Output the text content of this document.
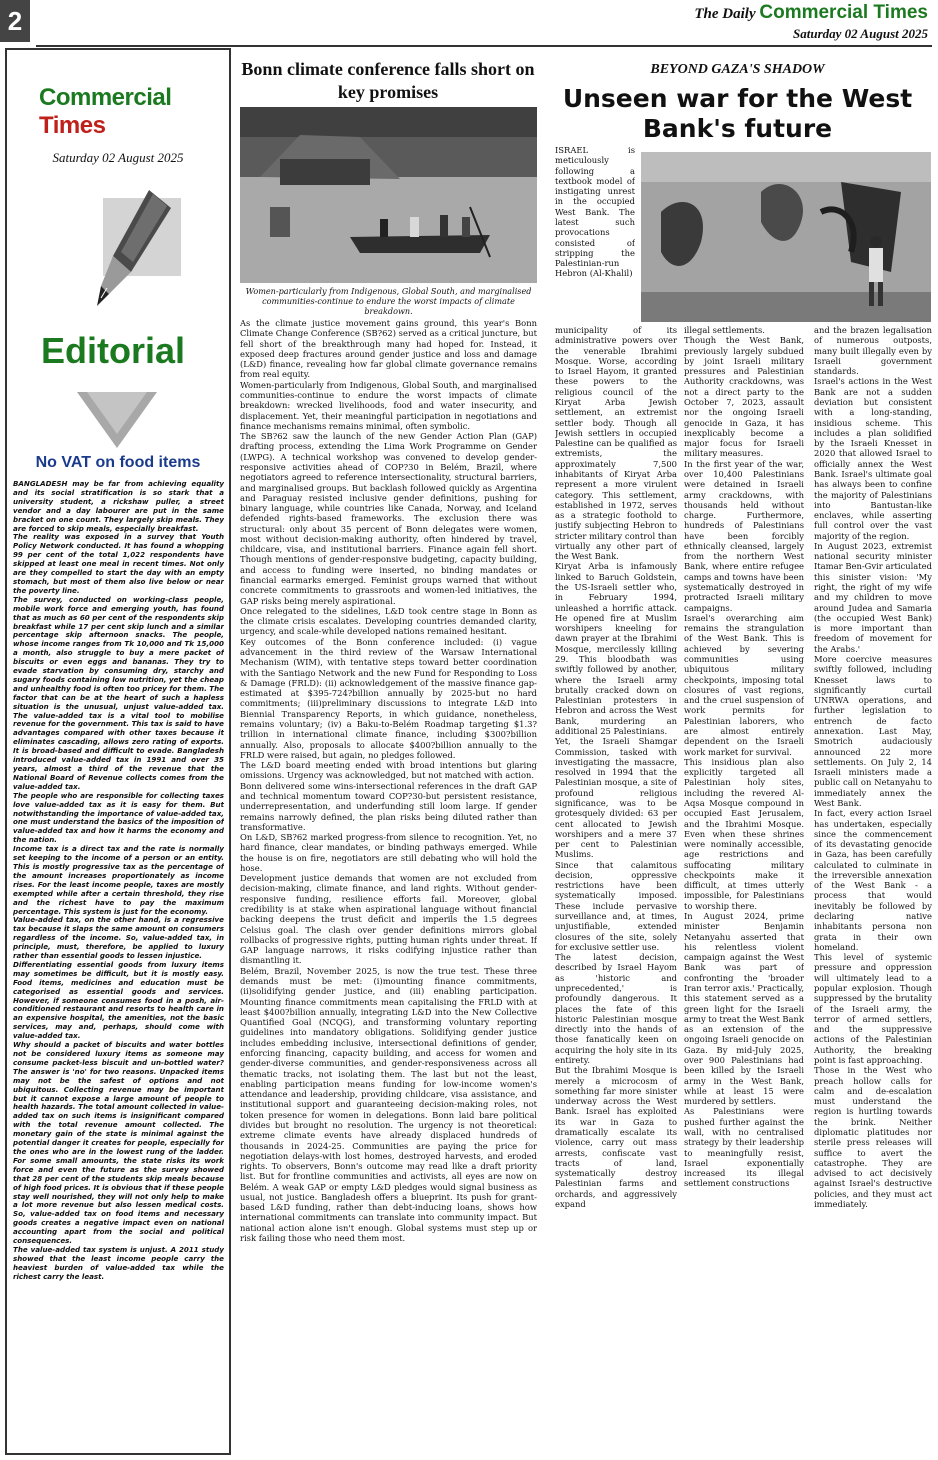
2	The Daily Commercial Times
Saturday 02 August 2025
Commercial Times
Saturday 02 August 2025
Editorial
No VAT on food items

BANGLADESH may be far from achieving equality and its social stratification is so stark that a university student, a rickshaw puller, a street vendor and a day labourer are put in the same bracket on one count. They largely skip meals. They are forced to skip meals, especially breakfast.

The reality was exposed in a survey that Youth Policy Network conducted. It has found a whopping 99 per cent of the total 1,022 respondents have skipped at least one meal in recent times. Not only are they compelled to start the day with an empty stomach, but most of them also live below or near the poverty line.

The survey, conducted on working-class people, mobile work force and emerging youth, has found that as much as 60 per cent of the respondents skip breakfast while 17 per cent skip lunch and a similar percentage skip afternoon snacks. The people, whose income ranges from Tk 10,000 and Tk 15,000 a month, also struggle to buy a mere packet of biscuits or even eggs and bananas. They try to evade starvation by consuming dry, starchy and sugary foods containing low nutrition, yet the cheap and unhealthy food is often too pricey for them. The factor that can be at the heart of such a hapless situation is the unusual, unjust value-added tax. The value-added tax is a vital tool to mobilise revenue for the government. This tax is said to have advantages compared with other taxes because it eliminates cascading, allows zero rating of exports. It is broad-based and difficult to evade. Bangladesh introduced value-added tax in 1991 and over 35 years, almost a third of the revenue that the National Board of Revenue collects comes from the value-added tax.

The people who are responsible for collecting taxes love value-added tax as it is easy for them. But notwithstanding the importance of value-added tax, one must understand the basics of the imposition of value-added tax and how it harms the economy and the nation.

Income tax is a direct tax and the rate is normally set keeping to the income of a person or an entity. This is mostly progressive tax as the percentage of the amount increases proportionately as income rises. For the least income people, taxes are mostly exempted while after a certain threshold, they rise and the richest have to pay the maximum percentage. This system is just for the economy.

Value-added tax, on the other hand, is a regressive tax because it slaps the same amount on consumers regardless of the income. So, value-added tax, in principle, must, therefore, be applied to luxury rather than essential goods to lessen injustice.

Differentiating essential goods from luxury items may sometimes be difficult, but it is mostly easy. Food items, medicines and education must be categorised as essential goods and services. However, if someone consumes food in a posh, air-conditioned restaurant and resorts to health care in an expensive hospital, the amenities, not the basic services, may and, perhaps, should come with value-added tax.

Why should a packet of biscuits and water bottles not be considered luxury items as someone may consume packet-less biscuit and un-bottled water? The answer is 'no' for two reasons. Unpacked items may not be the safest of options and not ubiquitous. Collecting revenue may be important but it cannot expose a large amount of people to health hazards. The total amount collected in value-added tax on such items is insignificant compared with the total revenue amount collected. The monetary gain of the state is minimal against the potential danger it creates for people, especially for the ones who are in the lowest rung of the ladder. For some small amounts, the state risks its work force and even the future as the survey showed that 28 per cent of the students skip meals because of high food prices. It is obvious that if these people stay well nourished, they will not only help to make a lot more revenue but also lessen medical costs. So, value-added tax on food items and necessary goods creates a negative impact even on national accounting apart from the social and political consequences.

The value-added tax system is unjust. A 2011 study showed that the least income people carry the heaviest burden of value-added tax while the richest carry the least.

Bonn climate conference falls short on key promises
Women-particularly from Indigenous, Global South, and marginalised communities-continue to endure the worst impacts of climate breakdown.

As the climate justice movement gains ground, this year's Bonn Climate Change Conference (SB?62) served as a critical juncture, but fell short of the breakthrough many had hoped for. Instead, it exposed deep fractures around gender justice and loss and damage (L&D) finance, revealing how far global climate governance remains from real equity.

Women-particularly from Indigenous, Global South, and marginalised communities-continue to endure the worst impacts of climate breakdown: wrecked livelihoods, food and water insecurity, and displacement. Yet, their meaningful participation in negotiations and finance mechanisms remains minimal, often symbolic.

The SB?62 saw the launch of the new Gender Action Plan (GAP) drafting process, extending the Lima Work Programme on Gender (LWPG). A technical workshop was convened to develop gender-responsive activities ahead of COP?30 in Belém, Brazil, where negotiators agreed to reference intersectionality, structural barriers, and marginalised groups. But backlash followed quickly as Argentina and Paraguay resisted inclusive gender definitions, pushing for binary language, while countries like Canada, Norway, and Iceland defended rights-based frameworks. The exclusion there was structural: only about 35 percent of Bonn delegates were women, most without decision-making authority, often hindered by travel, childcare, visa, and institutional barriers. Finance again fell short. Though mentions of gender-responsive budgeting, capacity building, and access to funding were inserted, no binding mandates or financial earmarks emerged. Feminist groups warned that without concrete commitments to grassroots and women-led initiatives, the GAP risks being merely aspirational.

Once relegated to the sidelines, L&D took centre stage in Bonn as the climate crisis escalates. Developing countries demanded clarity, urgency, and scale-while developed nations remained hesitant.

Key outcomes of the Bonn conference included: (i) vague advancement in the third review of the Warsaw International Mechanism (WIM), with tentative steps toward better coordination with the Santiago Network and the new Fund for Responding to Loss & Damage (FRLD): (ii) acknowledgement of the massive finance gap-estimated at $395-724?billion annually by 2025-but no hard commitments; (iii)preliminary discussions to integrate L&D into Biennial Transparency Reports, in which guidance, nonetheless, remains voluntary; (iv) a Baku-to-Belém Roadmap targeting $1.3?trillion in international climate finance, including $300?billion annually. Also, proposals to allocate $400?billion annually to the FRLD were raised, but again, no pledges followed.

The L&D board meeting ended with broad intentions but glaring omissions. Urgency was acknowledged, but not matched with action.

Bonn delivered some wins-intersectional references in the draft GAP and technical momentum toward COP?30-but persistent resistance, underrepresentation, and underfunding still loom large. If gender remains narrowly defined, the plan risks being diluted rather than transformative.

On L&D, SB?62 marked progress-from silence to recognition. Yet, no hard finance, clear mandates, or binding pathways emerged. While the house is on fire, negotiators are still debating who will hold the hose.

Development justice demands that women are not excluded from decision-making, climate finance, and land rights. Without gender-responsive funding, resilience efforts fail. Moreover, global credibility is at stake when aspirational language without financial backing deepens the trust deficit and imperils the 1.5 degrees Celsius goal. The clash over gender definitions mirrors global rollbacks of progressive rights, putting human rights under threat. If GAP language narrows, it risks codifying injustice rather than dismantling it.

Belém, Brazil, November 2025, is now the true test. These three demands must be met: (i)mounting finance commitments, (ii)solidifying gender justice, and (iii) enabling participation. Mounting finance commitments mean capitalising the FRLD with at least $400?billion annually, integrating L&D into the New Collective Quantified Goal (NCQG), and transforming voluntary reporting guidelines into mandatory obligations. Solidifying gender justice includes embedding inclusive, intersectional definitions of gender, enforcing financing, capacity building, and access for women and gender-diverse communities, and gender-responsiveness across all thematic tracks, not isolating them. The last but not the least, enabling participation means funding for low-income women's attendance and leadership, providing childcare, visa assistance, and institutional support and guaranteeing decision-making roles, not token presence for women in delegations. Bonn laid bare political divides but brought no resolution. The urgency is not theoretical: extreme climate events have already displaced hundreds of thousands in 2024-25. Communities are paying the price for negotiation delays-with lost homes, destroyed harvests, and eroded rights. To observers, Bonn's outcome may read like a draft priority list. But for frontline communities and activists, all eyes are now on Belém. A weak GAP or empty L&D pledges would signal business as usual, not justice. Bangladesh offers a blueprint. Its push for grant-based L&D funding, rather than debt-inducing loans, shows how international commitments can translate into community impact. But national action alone isn't enough. Global systems must step up or risk failing those who need them most.

BEYOND GAZA'S SHADOW
Unseen war for the West Bank's future

ISRAEL is meticulously following a textbook model of instigating unrest in the occupied West Bank. The latest such provocations consisted of stripping the Palestinian-run Hebron (Al-Khalil)

municipality of its administrative powers over the venerable Ibrahimi Mosque. Worse, according to Israel Hayom, it granted these powers to the religious council of the Kiryat Arba Jewish settlement, an extremist settler body. Though all Jewish settlers in occupied Palestine can be qualified as extremists, the approximately 7,500 inhabitants of Kiryat Arba represent a more virulent category. This settlement, established in 1972, serves as a strategic foothold to justify subjecting Hebron to stricter military control than virtually any other part of the West Bank.

Kiryat Arba is infamously linked to Baruch Goldstein, the US-Israeli settler who, in February 1994, unleashed a horrific attack. He opened fire at Muslim worshipers kneeling for dawn prayer at the Ibrahimi Mosque, mercilessly killing 29. This bloodbath was swiftly followed by another, where the Israeli army brutally cracked down on Palestinian protesters in Hebron and across the West Bank, murdering an additional 25 Palestinians.

Yet, the Israeli Shamgar Commission, tasked with investigating the massacre, resolved in 1994 that the Palestinian mosque, a site of profound religious significance, was to be grotesquely divided: 63 per cent allocated to Jewish worshipers and a mere 37 per cent to Palestinian Muslims.

Since that calamitous decision, oppressive restrictions have been systematically imposed. These include pervasive surveillance and, at times, unjustifiable, extended closures of the site, solely for exclusive settler use.

The latest decision, described by Israel Hayom as 'historic and unprecedented,' is profoundly dangerous. It places the fate of this historic Palestinian mosque directly into the hands of those fanatically keen on acquiring the holy site in its entirety.

But the Ibrahimi Mosque is merely a microcosm of something far more sinister underway across the West Bank. Israel has exploited its war in Gaza to dramatically escalate its violence, carry out mass arrests, confiscate vast tracts of land, systematically destroy Palestinian farms and orchards, and aggressively expand

illegal settlements.

Though the West Bank, previously largely subdued by joint Israeli military pressures and Palestinian Authority crackdowns, was not a direct party to the October 7, 2023, assault nor the ongoing Israeli genocide in Gaza, it has inexplicably become a major focus for Israeli military measures.

In the first year of the war, over 10,400 Palestinians were detained in Israeli army crackdowns, with thousands held without charge. Furthermore, hundreds of Palestinians have been forcibly ethnically cleansed, largely from the northern West Bank, where entire refugee camps and towns have been systematically destroyed in protracted Israeli military campaigns.

Israel's overarching aim remains the strangulation of the West Bank. This is achieved by severing communities using ubiquitous military checkpoints, imposing total closures of vast regions, and the cruel suspension of work permits for Palestinian laborers, who are almost entirely dependent on the Israeli work market for survival.

This insidious plan also explicitly targeted all Palestinian holy sites, including the revered Al-Aqsa Mosque compound in occupied East Jerusalem, and the Ibrahimi Mosque. Even when these shrines were nominally accessible, age restrictions and suffocating military checkpoints make it difficult, at times utterly impossible, for Palestinians to worship there.

In August 2024, prime minister Benjamin Netanyahu asserted that his relentless violent campaign against the West Bank was part of confronting the 'broader Iran terror axis.' Practically, this statement served as a green light for the Israeli army to treat the West Bank as an extension of the ongoing Israeli genocide on Gaza. By mid-July 2025, over 900 Palestinians had been killed by the Israeli army in the West Bank, while at least 15 were murdered by settlers.

As Palestinians were pushed further against the wall, with no centralised strategy by their leadership to meaningfully resist, Israel exponentially increased its illegal settlement constructions

and the brazen legalisation of numerous outposts, many built illegally even by Israeli government standards.

Israel's actions in the West Bank are not a sudden deviation but consistent with a long-standing, insidious scheme. This includes a plan solidified by the Israeli Knesset in 2020 that allowed Israel to officially annex the West Bank. Israel's ultimate goal has always been to confine the majority of Palestinians into Bantustan-like enclaves, while asserting full control over the vast majority of the region.

In August 2023, extremist national security minister Itamar Ben-Gvir articulated this sinister vision: 'My right, the right of my wife and my children to move around Judea and Samaria (the occupied West Bank) is more important than freedom of movement for the Arabs.'

More coercive measures swiftly followed, including Knesset laws to significantly curtail UNRWA operations, and further legislation to entrench de facto annexation. Last May, Smotrich audaciously announced 22 more settlements. On July 2, 14 Israeli ministers made a public call on Netanyahu to immediately annex the West Bank.

In fact, every action Israel has undertaken, especially since the commencement of its devastating genocide in Gaza, has been carefully calculated to culminate in the irreversible annexation of the West Bank - a process that would inevitably be followed by declaring native inhabitants persona non grata in their own homeland.

This level of systemic pressure and oppression will ultimately lead to a popular explosion. Though suppressed by the brutality of the Israeli army, the terror of armed settlers, and the suppressive actions of the Palestinian Authority, the breaking point is fast approaching.

Those in the West who preach hollow calls for calm and de-escalation must understand the region is hurtling towards the brink. Neither diplomatic platitudes nor sterile press releases will suffice to avert the catastrophe. They are advised to act decisively against Israel's destructive policies, and they must act immediately.
